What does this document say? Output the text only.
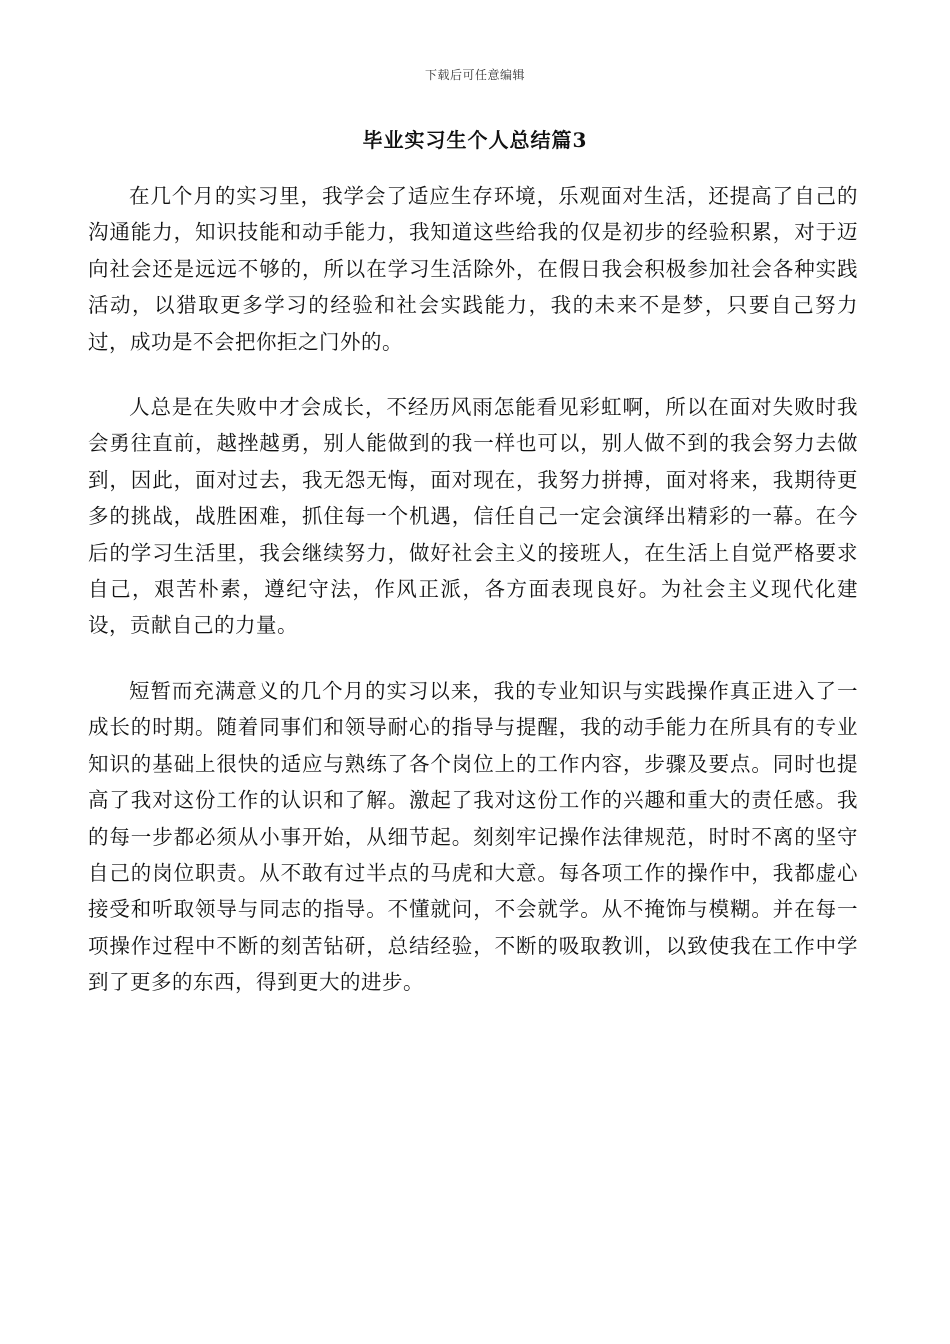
下载后可任意编辑
毕业实习生个人总结篇3

在几个月的实习里，我学会了适应生存环境，乐观面对生活，还提高了自己的沟通能力，知识技能和动手能力，我知道这些给我的仅是初步的经验积累，对于迈向社会还是远远不够的，所以在学习生活除外，在假日我会积极参加社会各种实践活动，以猎取更多学习的经验和社会实践能力，我的未来不是梦，只要自己努力过，成功是不会把你拒之门外的。

人总是在失败中才会成长，不经历风雨怎能看见彩虹啊，所以在面对失败时我会勇往直前，越挫越勇，别人能做到的我一样也可以，别人做不到的我会努力去做到，因此，面对过去，我无怨无悔，面对现在，我努力拼搏，面对将来，我期待更多的挑战，战胜困难，抓住每一个机遇，信任自己一定会演绎出精彩的一幕。在今后的学习生活里，我会继续努力，做好社会主义的接班人，在生活上自觉严格要求自己，艰苦朴素，遵纪守法，作风正派，各方面表现良好。为社会主义现代化建设，贡献自己的力量。

短暂而充满意义的几个月的实习以来，我的专业知识与实践操作真正进入了一成长的时期。随着同事们和领导耐心的指导与提醒，我的动手能力在所具有的专业知识的基础上很快的适应与熟练了各个岗位上的工作内容，步骤及要点。同时也提高了我对这份工作的认识和了解。激起了我对这份工作的兴趣和重大的责任感。我的每一步都必须从小事开始，从细节起。刻刻牢记操作法律规范，时时不离的坚守自己的岗位职责。从不敢有过半点的马虎和大意。每各项工作的操作中，我都虚心接受和听取领导与同志的指导。不懂就问，不会就学。从不掩饰与模糊。并在每一项操作过程中不断的刻苦钻研，总结经验，不断的吸取教训，以致使我在工作中学到了更多的东西，得到更大的进步。
